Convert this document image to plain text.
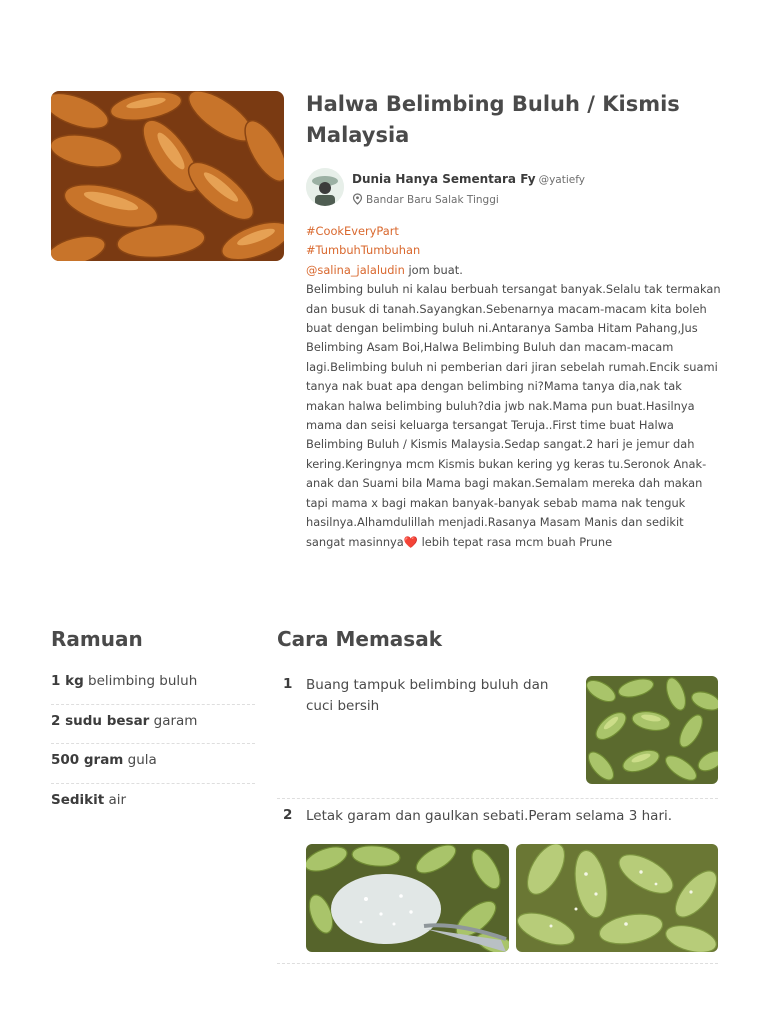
Halwa Belimbing Buluh / Kismis Malaysia
Dunia Hanya Sementara Fy @yatiefy
Bandar Baru Salak Tinggi
#CookEveryPart
#TumbuhTumbuhan
@salina_jalaludin jom buat.
Belimbing buluh ni kalau berbuah tersangat banyak.Selalu tak termakan dan busuk di tanah.Sayangkan.Sebenarnya macam-macam kita boleh buat dengan belimbing buluh ni.Antaranya Samba Hitam Pahang,Jus Belimbing Asam Boi,Halwa Belimbing Buluh dan macam-macam lagi.Belimbing buluh ni pemberian dari jiran sebelah rumah.Encik suami tanya nak buat apa dengan belimbing ni?Mama tanya dia,nak tak makan halwa belimbing buluh?dia jwb nak.Mama pun buat.Hasilnya mama dan seisi keluarga tersangat Teruja..First time buat Halwa Belimbing Buluh / Kismis Malaysia.Sedap sangat.2 hari je jemur dah kering.Keringnya mcm Kismis bukan kering yg keras tu.Seronok Anak-anak dan Suami bila Mama bagi makan.Semalam mereka dah makan tapi mama x bagi makan banyak-banyak sebab mama nak tenguk hasilnya.Alhamdulillah menjadi.Rasanya Masam Manis dan sedikit sangat masinnya❤️ lebih tepat rasa mcm buah Prune
Ramuan
1 kg belimbing buluh
2 sudu besar garam
500 gram gula
Sedikit air
Cara Memasak
1 Buang tampuk belimbing buluh dan cuci bersih

2 Letak garam dan gaulkan sebati.Peram selama 3 hari.
